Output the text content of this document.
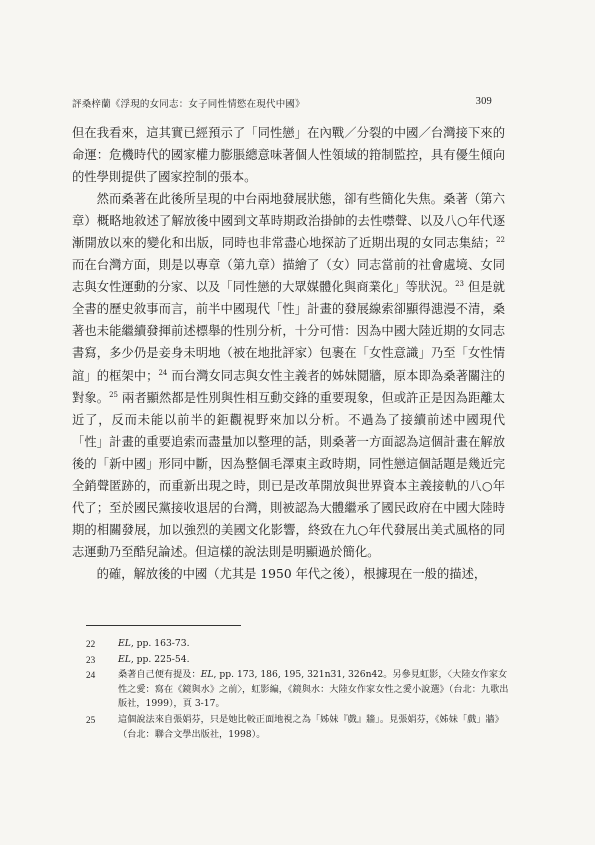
評桑梓蘭《浮現的女同志：女子同性情慾在現代中國》	309

但在我看來，這其實已經預示了「同性戀」在內戰／分裂的中國／台灣接下來的命運：危機時代的國家權力膨脹總意味著個人性領域的箝制監控，具有優生傾向的性學則提供了國家控制的張本。

然而桑著在此後所呈現的中台兩地發展狀態，卻有些簡化失焦。桑著（第六章）概略地敘述了解放後中國到文革時期政治掛帥的去性噤聲、以及八○年代逐漸開放以來的變化和出版，同時也非常盡心地探訪了近期出現的女同志集結；$^{22}$ 而在台灣方面，則是以專章（第九章）描繪了（女）同志當前的社會處境、女同志與女性運動的分家、以及「同性戀的大眾媒體化與商業化」等狀況。$^{23}$ 但是就全書的歷史敘事而言，前半中國現代「性」計畫的發展線索卻顯得漶漫不清，桑著也未能繼續發揮前述標舉的性別分析，十分可惜：因為中國大陸近期的女同志書寫，多少仍是妾身未明地（被在地批評家）包裹在「女性意識」乃至「女性情誼」的框架中；$^{24}$ 而台灣女同志與女性主義者的姊妹鬩牆，原本即為桑著關注的對象。$^{25}$ 兩者顯然都是性別與性相互動交鋒的重要現象，但或許正是因為距離太近了，反而未能以前半的鉅觀視野來加以分析。不過為了接續前述中國現代「性」計畫的重要追索而盡量加以整理的話，則桑著一方面認為這個計畫在解放後的「新中國」形同中斷，因為整個毛澤東主政時期，同性戀這個話題是幾近完全銷聲匿跡的，而重新出現之時，則已是改革開放與世界資本主義接軌的八○年代了；至於國民黨接收退居的台灣，則被認為大體繼承了國民政府在中國大陸時期的相關發展，加以強烈的美國文化影響，終致在九○年代發展出美式風格的同志運動乃至酷兒論述。但這樣的說法則是明顯過於簡化。

的確，解放後的中國（尤其是 1950 年代之後），根據現在一般的描述，

22	EL, pp. 163-73.
23	EL, pp. 225-54.
24	桑著自己便有提及：EL, pp. 173, 186, 195, 321n31, 326n42。另參見虹影，〈大陸女作家女性之愛：寫在《鏡與水》之前〉，虹影編，《鏡與水：大陸女作家女性之愛小說選》（台北：九歌出版社，1999），頁 3-17。
25	這個說法來自張娟芬，只是她比較正面地視之為「姊妹『戲』牆」。見張娟芬，《姊妹「戲」牆》（台北：聯合文學出版社，1998）。
